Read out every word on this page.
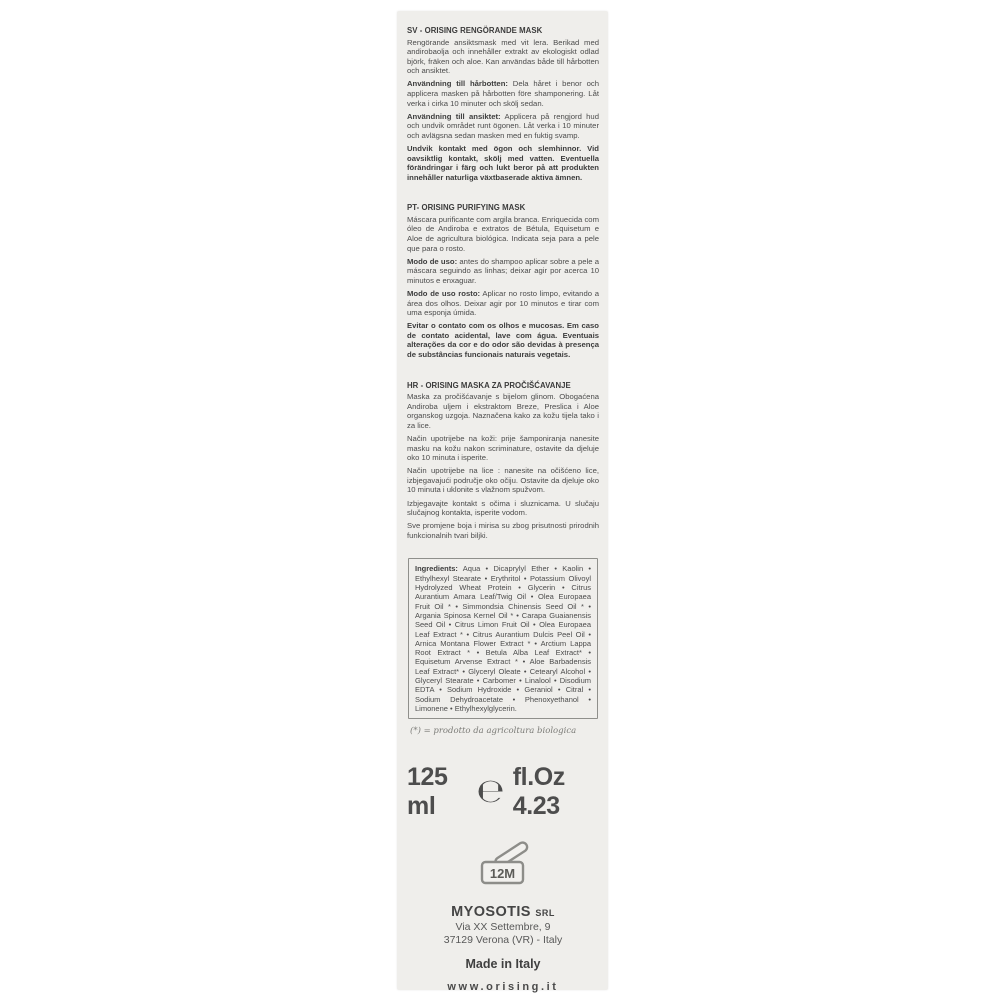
SV - ORISING RENGÖRANDE MASK

Rengörande ansiktsmask med vit lera. Berikad med andirobaolja och innehåller extrakt av ekologiskt odlad björk, fräken och aloe. Kan användas både till hårbotten och ansiktet.

Användning till hårbotten: Dela håret i benor och applicera masken på hårbotten före shamponering. Låt verka i cirka 10 minuter och skölj sedan.

Användning till ansiktet: Applicera på rengjord hud och undvik området runt ögonen. Låt verka i 10 minuter och avlägsna sedan masken med en fuktig svamp.

Undvik kontakt med ögon och slemhinnor. Vid oavsiktlig kontakt, skölj med vatten. Eventuella förändringar i färg och lukt beror på att produkten innehåller naturliga växtbaserade aktiva ämnen.

PT- ORISING PURIFYING MASK

Máscara purificante com argila branca. Enriquecida com óleo de Andiroba e extratos de Bétula, Equisetum e Aloe de agricultura biológica. Indicata seja para a pele que para o rosto.

Modo de uso: antes do shampoo aplicar sobre a pele a máscara seguindo as linhas; deixar agir por acerca 10 minutos e enxaguar.

Modo de uso rosto: Aplicar no rosto limpo, evitando a área dos olhos. Deixar agir por 10 minutos e tirar com uma esponja úmida.

Evitar o contato com os olhos e mucosas. Em caso de contato acidental, lave com água. Eventuais alterações da cor e do odor são devidas à presença de substâncias funcionais naturais vegetais.

HR - ORISING MASKA ZA PROČIŠĆAVANJE

Maska za pročišćavanje s bijelom glinom. Obogaćena Andiroba uljem i ekstraktom Breze, Preslica i Aloe organskog uzgoja. Naznačena kako za kožu tijela tako i za lice.

Način upotrijebe na koži: prije šamponiranja nanesite masku na kožu nakon scriminature, ostavite da djeluje oko 10 minuta i isperite.

Način upotrijebe na lice : nanesite na očišćeno lice, izbjegavajući područje oko očiju. Ostavite da djeluje oko 10 minuta i uklonite s vlažnom spužvom.

Izbjegavajte kontakt s očima i sluznicama. U slučaju slučajnog kontakta, isperite vodom.

Sve promjene boja i mirisa su zbog prisutnosti prirodnih funkcionalnih tvari biljki.

Ingredients: Aqua • Dicaprylyl Ether • Kaolin • Ethylhexyl Stearate • Erythritol • Potassium Olivoyl Hydrolyzed Wheat Protein • Glycerin • Citrus Aurantium Amara Leaf/Twig Oil • Olea Europaea Fruit Oil * • Simmondsia Chinensis Seed Oil * • Argania Spinosa Kernel Oil * • Carapa Guaianensis Seed Oil • Citrus Limon Fruit Oil • Olea Europaea Leaf Extract * • Citrus Aurantium Dulcis Peel Oil • Arnica Montana Flower Extract * • Arctium Lappa Root Extract * • Betula Alba Leaf Extract* • Equisetum Arvense Extract * • Aloe Barbadensis Leaf Extract* • Glyceryl Oleate • Cetearyl Alcohol • Glyceryl Stearate • Carbomer • Linalool • Disodium EDTA • Sodium Hydroxide • Geraniol • Citral • Sodium Dehydroacetate • Phenoxyethanol • Limonene • Ethylhexylglycerin.
(*) = prodotto da agricoltura biologica
125 ml	℮ fl.Oz 4.23
12M
MYOSOTIS SRL
Via XX Settembre, 9
37129 Verona (VR) - Italy
Made in Italy
www.orising.it
